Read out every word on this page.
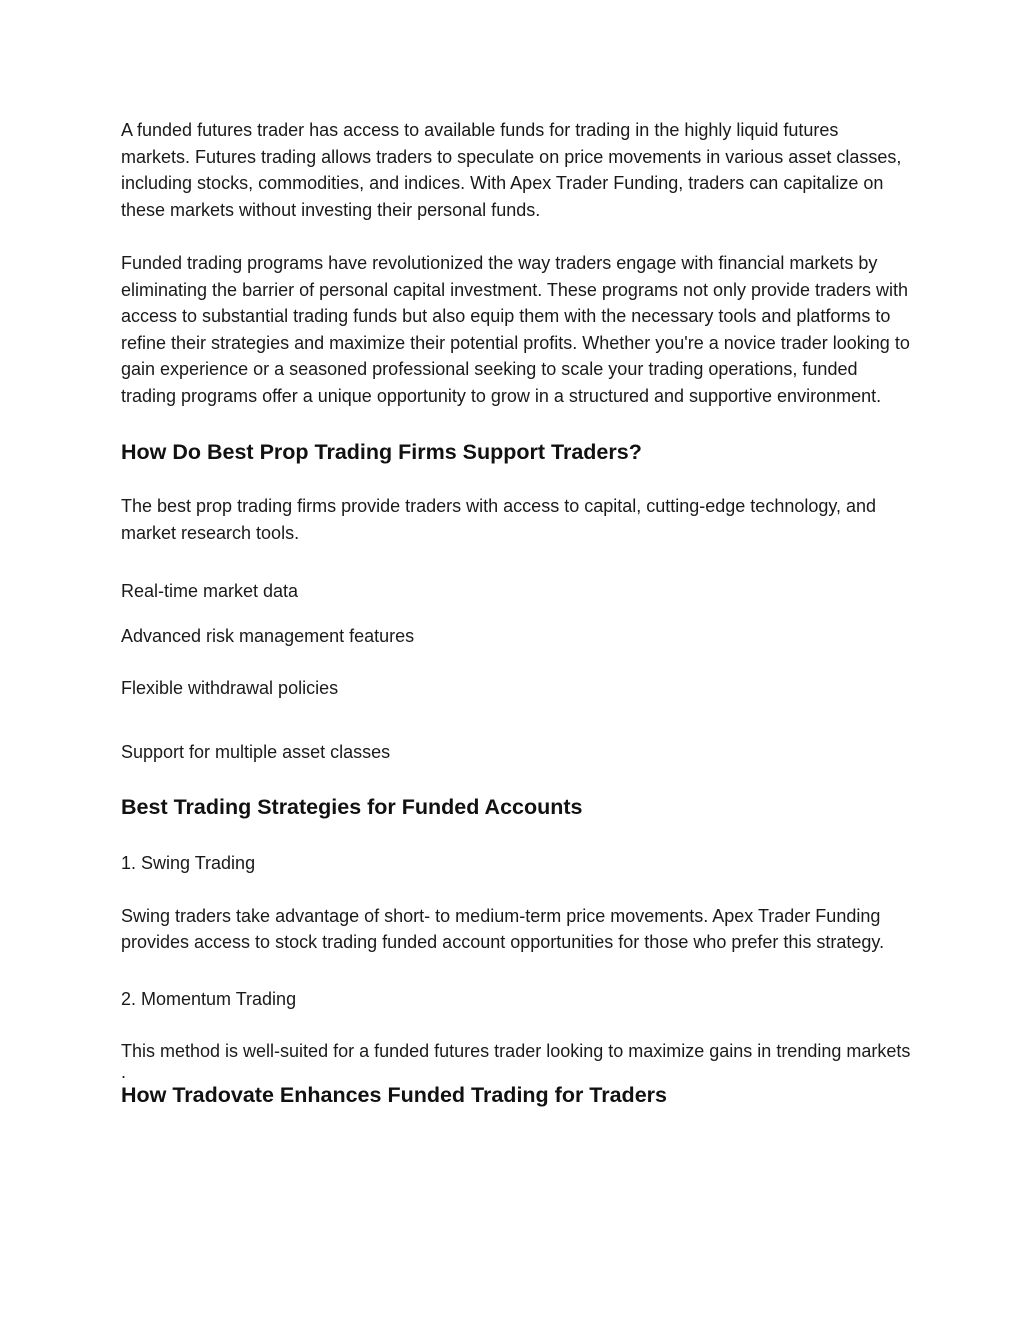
A funded futures trader has access to available funds for trading in the highly liquid futures markets. Futures trading allows traders to speculate on price movements in various asset classes, including stocks, commodities, and indices. With Apex Trader Funding, traders can capitalize on these markets without investing their personal funds.

Funded trading programs have revolutionized the way traders engage with financial markets by eliminating the barrier of personal capital investment. These programs not only provide traders with access to substantial trading funds but also equip them with the necessary tools and platforms to refine their strategies and maximize their potential profits. Whether you're a novice trader looking to gain experience or a seasoned professional seeking to scale your trading operations, funded trading programs offer a unique opportunity to grow in a structured and supportive environment.

How Do Best Prop Trading Firms Support Traders?

The best prop trading firms provide traders with access to capital, cutting-edge technology, and market research tools.

Real-time market data

Advanced risk management features

Flexible withdrawal policies

Support for multiple asset classes

Best Trading Strategies for Funded Accounts

1. Swing Trading

Swing traders take advantage of short- to medium-term price movements. Apex Trader Funding provides access to stock trading funded account opportunities for those who prefer this strategy.

2. Momentum Trading

This method is well-suited for a funded futures trader looking to maximize gains in trending markets

.

How Tradovate Enhances Funded Trading for Traders
